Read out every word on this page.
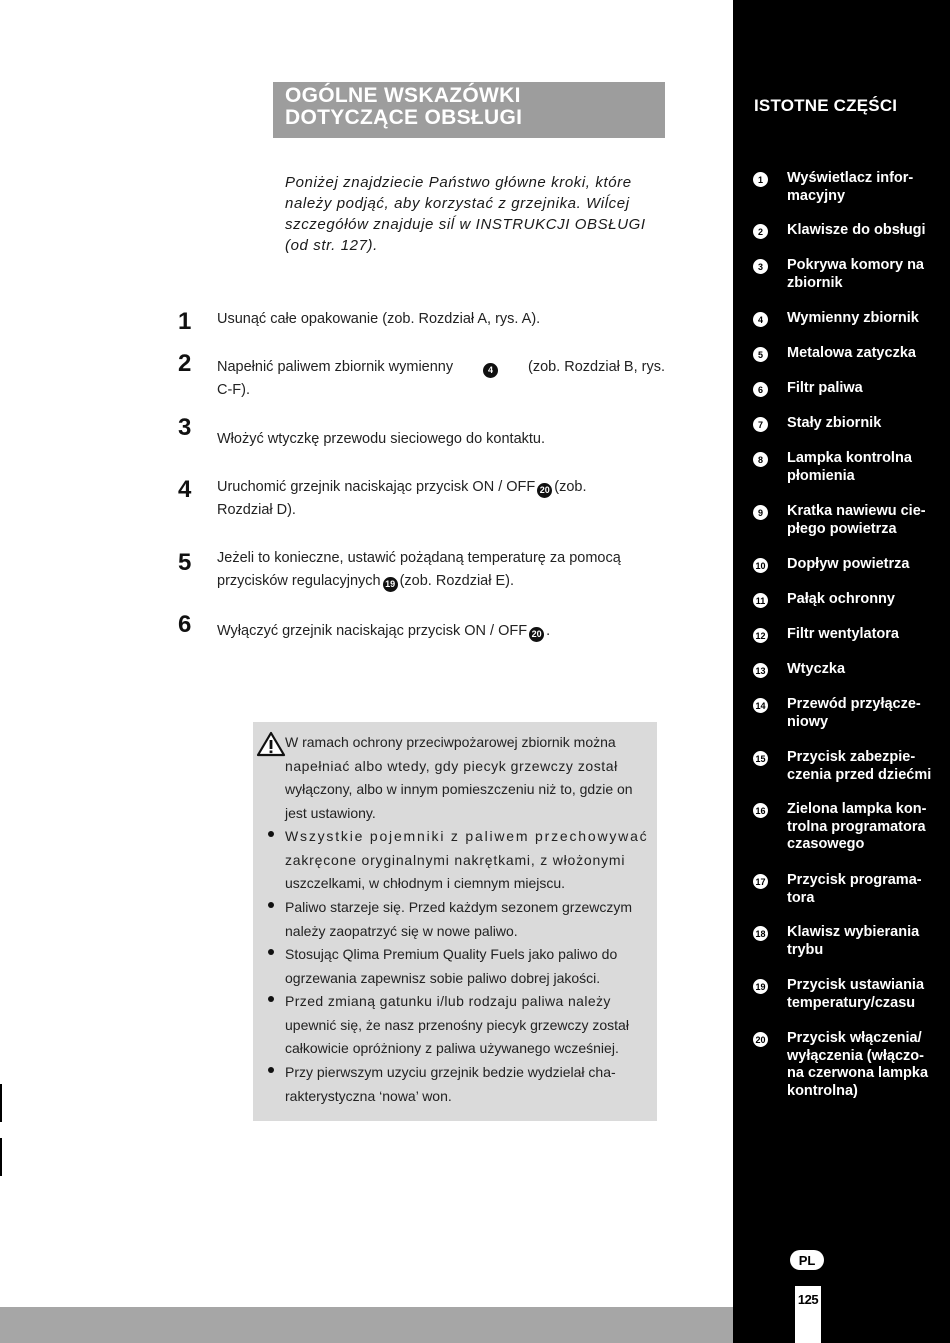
OGÓLNE WSKAZÓWKI
DOTYCZĄCE OBSŁUGI
Poniżej znajdziecie Państwo główne kroki, które
należy podjąć, aby korzystać z grzejnika. Wiĺcej
szczegółów znajduje siĺ w INSTRUKCJI OBSŁUGI
(od str. 127).
1 Usunąć całe opakowanie (zob. Rozdział A, rys. A).
2 Napełnić paliwem zbiornik wymienny	4	(zob. Rozdział B, rys.
C-F).
3 Włożyć wtyczkę przewodu sieciowego do kontaktu.
4 Uruchomić grzejnik naciskając przycisk ON / OFF 20 (zob.
Rozdział D).
5 Jeżeli to konieczne, ustawić pożądaną temperaturę za pomocą
przycisków regulacyjnych 19 (zob. Rozdział E).
6 Wyłączyć grzejnik naciskając przycisk ON / OFF 20 .
W ramach ochrony przeciwpożarowej zbiornik można
napełniać albo wtedy, gdy piecyk grzewczy został
wyłączony, albo w innym pomieszczeniu niż to, gdzie on
jest ustawiony.
Wszystkie pojemniki z paliwem przechowywać
zakręcone oryginalnymi nakrętkami, z włożonymi
uszczelkami, w chłodnym i ciemnym miejscu.
Paliwo starzeje się. Przed każdym sezonem grzewczym
należy zaopatrzyć się w nowe paliwo.
Stosując Qlima Premium Quality Fuels jako paliwo do
ogrzewania zapewnisz sobie paliwo dobrej jakości.
Przed zmianą gatunku i/lub rodzaju paliwa należy
upewnić się, że nasz przenośny piecyk grzewczy został
całkowicie opróżniony z paliwa używanego wcześniej.
Przy pierwszym uzyciu grzejnik bedzie wydzielał cha-
rakterystyczna ‘nowa’ won.
ISTOTNE CZĘŚCI
1	Wyświetlacz infor-
macyjny
2	Klawisze do obsługi
3	Pokrywa komory na
zbiornik
4	Wymienny zbiornik
5	Metalowa zatyczka
6	Filtr paliwa
7	Stały zbiornik
8	Lampka kontrolna
płomienia
9	Kratka nawiewu cie-
płego powietrza
10 Dopływ powietrza
11 Pałąk ochronny
12 Filtr wentylatora
13 Wtyczka
14 Przewód przyłącze-
niowy
15 Przycisk zabezpie-
czenia przed dziećmi
16 Zielona lampka kon-
trolna programatora
czasowego
17 Przycisk programa-
tora
18 Klawisz wybierania
trybu
19 Przycisk ustawiania
temperatury/czasu
20 Przycisk włączenia/
wyłączenia (włączo-
na czerwona lampka
kontrolna)
PL
125
